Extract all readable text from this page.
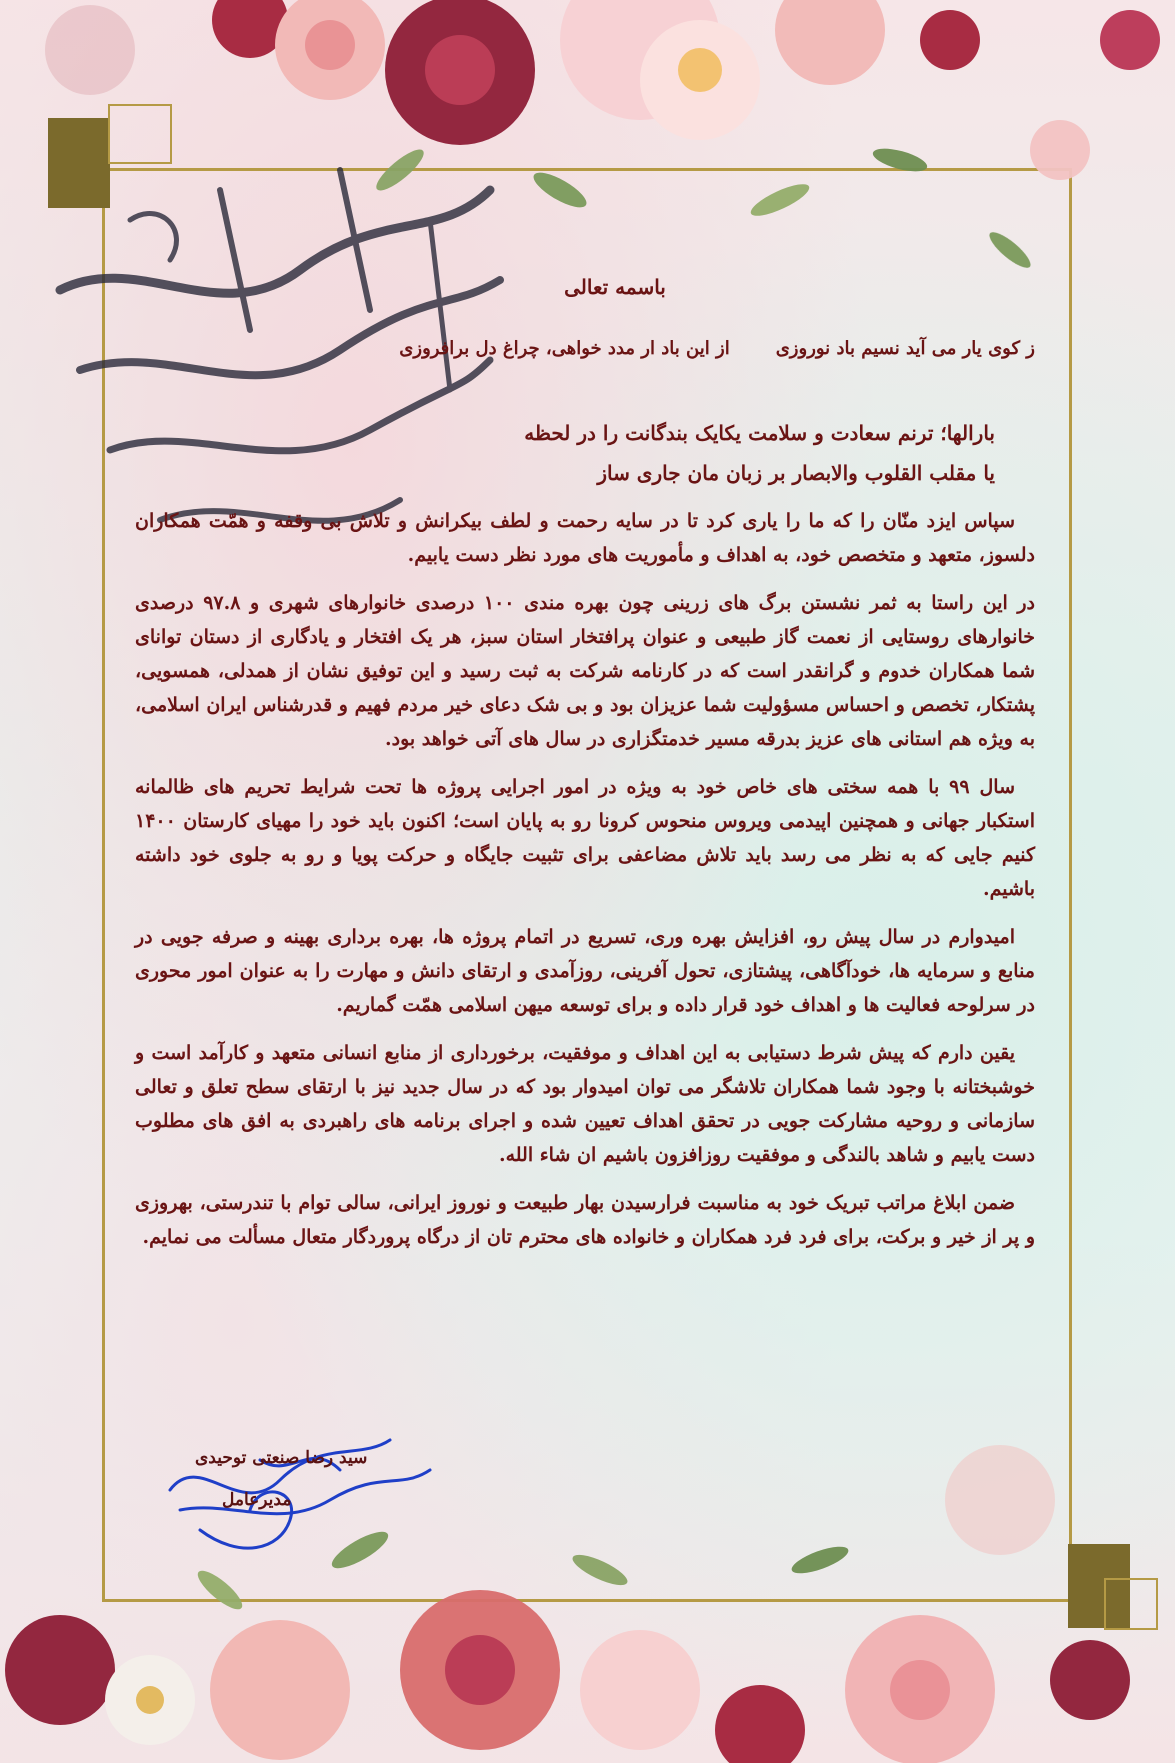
باسمه تعالی

ز کوی یار می آید نسیم باد نوروزی
از این باد ار مدد خواهی، چراغ دل برافروزی

بارالها؛ ترنم سعادت و سلامت یکایک بندگانت را در لحظه

یا مقلب القلوب والابصار بر زبان مان جاری ساز

سپاس ایزد منّان را که ما را یاری کرد تا در سایه رحمت و لطف بیکرانش و تلاش بی وقفه و همّت همکاران دلسوز، متعهد و متخصص خود، به اهداف و مأموریت های مورد نظر دست یابیم.

در این راستا به ثمر نشستن برگ های زرینی چون بهره مندی ۱۰۰ درصدی خانوارهای شهری و ۹۷.۸ درصدی خانوارهای روستایی از نعمت گاز طبیعی و عنوان پرافتخار استان سبز، هر یک افتخار و یادگاری از دستان توانای شما همکاران خدوم و گرانقدر است که در کارنامه شرکت به ثبت رسید و این توفیق نشان از همدلی، همسویی، پشتکار، تخصص و احساس مسؤولیت شما عزیزان بود و بی شک دعای خیر مردم فهیم و قدرشناس ایران اسلامی، به ویژه هم استانی های عزیز بدرقه مسیر خدمتگزاری در سال های آتی خواهد بود.

سال ۹۹ با همه سختی های خاص خود به ویژه در امور اجرایی پروژه ها تحت شرایط تحریم های ظالمانه استکبار جهانی و همچنین اپیدمی ویروس منحوس کرونا رو به پایان است؛ اکنون باید خود را مهیای کارستان ۱۴۰۰ کنیم جایی که به نظر می رسد باید تلاش مضاعفی برای تثبیت جایگاه و حرکت پویا و رو به جلوی خود داشته باشیم.

امیدوارم در سال پیش رو، افزایش بهره وری، تسریع در اتمام پروژه ها، بهره برداری بهینه و صرفه جویی در منابع و سرمایه ها، خودآگاهی، پیشتازی، تحول آفرینی، روزآمدی و ارتقای دانش و مهارت را به عنوان امور محوری در سرلوحه فعالیت ها و اهداف خود قرار داده و برای توسعه میهن اسلامی همّت گماریم.

یقین دارم که پیش شرط دستیابی به این اهداف و موفقیت، برخورداری از منابع انسانی متعهد و کارآمد است و خوشبختانه با وجود شما همکاران تلاشگر می توان امیدوار بود که در سال جدید نیز با ارتقای سطح تعلق و تعالی سازمانی و روحیه مشارکت جویی در تحقق اهداف تعیین شده و اجرای برنامه های راهبردی به افق های مطلوب دست یابیم و شاهد بالندگی و موفقیت روزافزون باشیم ان شاء الله.

ضمن ابلاغ مراتب تبریک خود به مناسبت فرارسیدن بهار طبیعت و نوروز ایرانی، سالی توام با تندرستی، بهروزی و پر از خیر و برکت، برای فرد فرد همکاران و خانواده های محترم تان از درگاه پروردگار متعال مسألت می نمایم.

سید رضا صنعتی توحیدی
مدیرعامل
